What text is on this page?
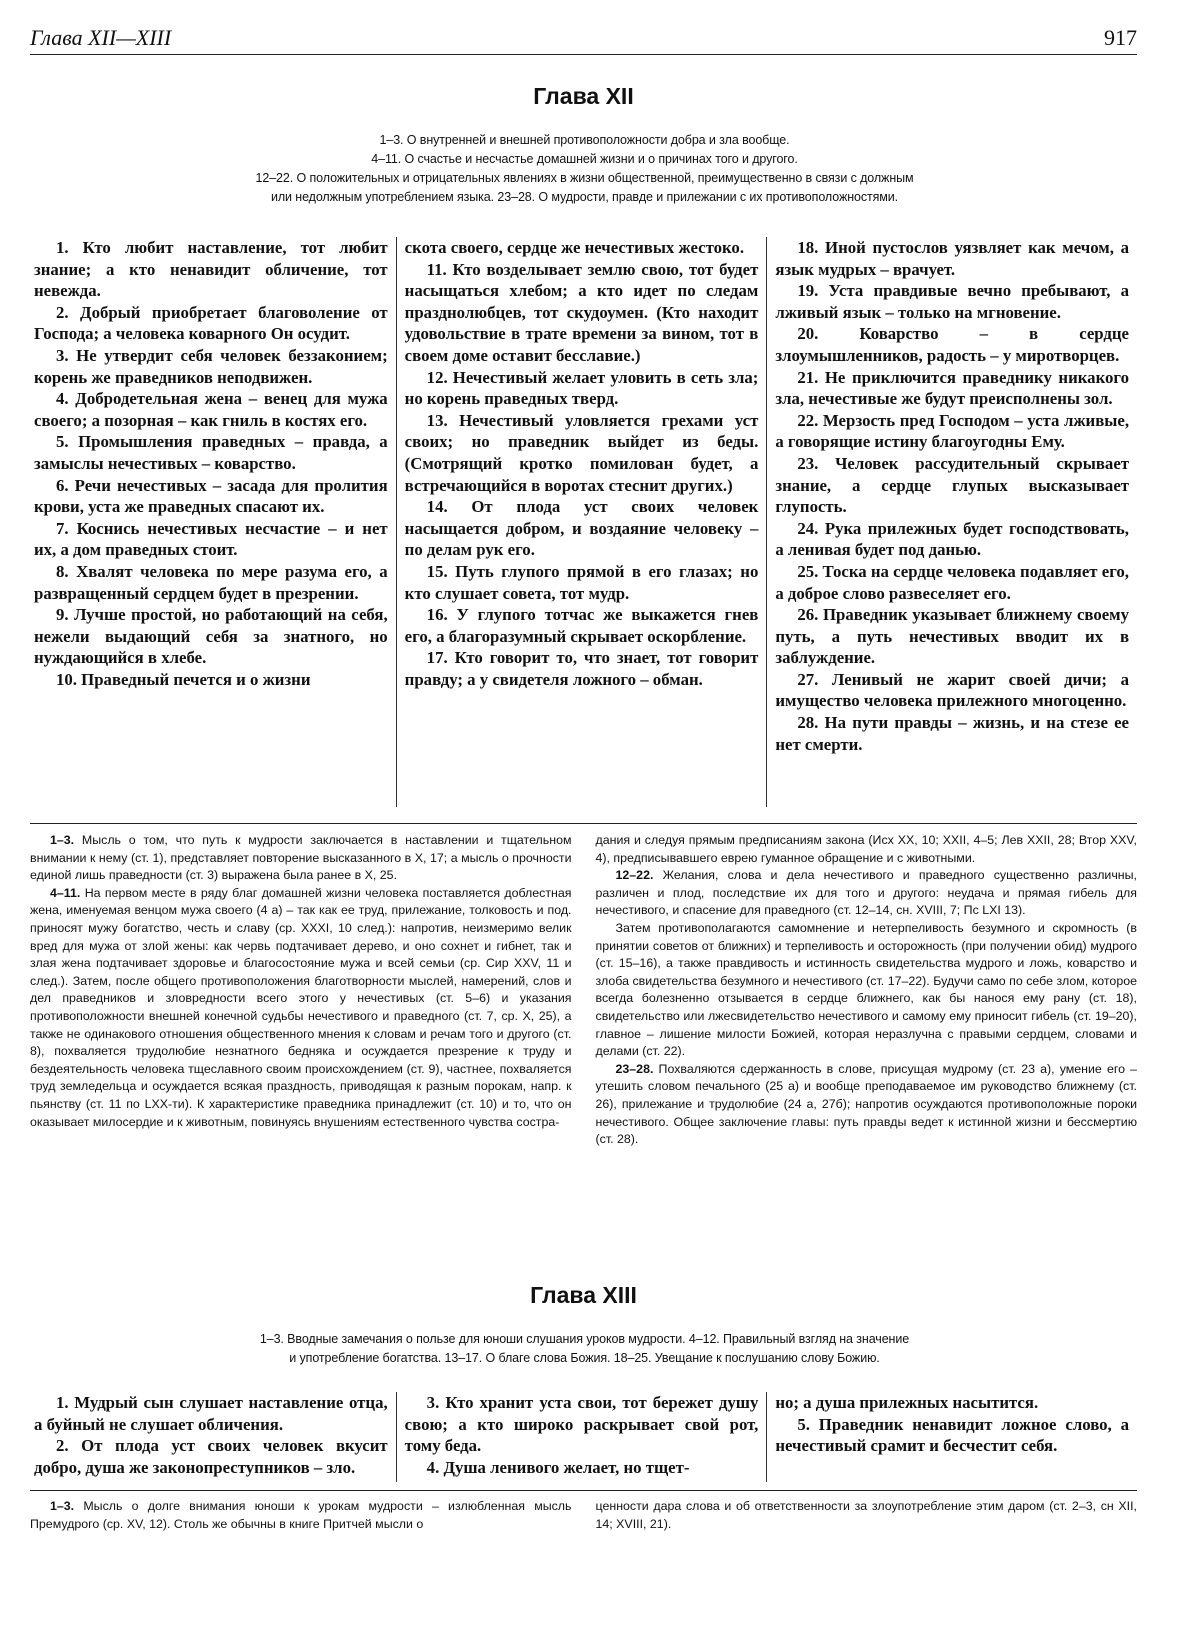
Глава XII—XIII	917
Глава XII
1–3. О внутренней и внешней противоположности добра и зла вообще.
4–11. О счастье и несчастье домашней жизни и о причинах того и другого.
12–22. О положительных и отрицательных явлениях в жизни общественной, преимущественно в связи с должным
или недолжным употреблением языка. 23–28. О мудрости, правде и прилежании с их противоположностями.

1. Кто любит наставление, тот любит знание; а кто ненавидит обличение, тот невежда.

2. Добрый приобретает благоволение от Господа; а человека коварного Он осудит.

3. Не утвердит себя человек беззаконием; корень же праведников неподвижен.

4. Добродетельная жена – венец для мужа своего; а позорная – как гниль в костях его.

5. Промышления праведных – правда, а замыслы нечестивых – коварство.

6. Речи нечестивых – засада для пролития крови, уста же праведных спасают их.

7. Коснись нечестивых несчастие – и нет их, а дом праведных стоит.

8. Хвалят человека по мере разума его, а развращенный сердцем будет в презрении.

9. Лучше простой, но работающий на себя, нежели выдающий себя за знатного, но нуждающийся в хлебе.

10. Праведный печется и о жизни

скота своего, сердце же нечестивых жестоко.

11. Кто возделывает землю свою, тот будет насыщаться хлебом; а кто идет по следам празднолюбцев, тот скудоумен. (Кто находит удовольствие в трате времени за вином, тот в своем доме оставит бесславие.)

12. Нечестивый желает уловить в сеть зла; но корень праведных тверд.

13. Нечестивый уловляется грехами уст своих; но праведник выйдет из беды. (Смотрящий кротко помилован будет, а встречающийся в воротах стеснит других.)

14. От плода уст своих человек насыщается добром, и воздаяние человеку – по делам рук его.

15. Путь глупого прямой в его глазах; но кто слушает совета, тот мудр.

16. У глупого тотчас же выкажется гнев его, а благоразумный скрывает оскорбление.

17. Кто говорит то, что знает, тот говорит правду; а у свидетеля ложного – обман.

18. Иной пустослов уязвляет как мечом, а язык мудрых – врачует.

19. Уста правдивые вечно пребывают, а лживый язык – только на мгновение.

20. Коварство – в сердце злоумышленников, радость – у миротворцев.

21. Не приключится праведнику никакого зла, нечестивые же будут преисполнены зол.

22. Мерзость пред Господом – уста лживые, а говорящие истину благоугодны Ему.

23. Человек рассудительный скрывает знание, а сердце глупых высказывает глупость.

24. Рука прилежных будет господствовать, а ленивая будет под данью.

25. Тоска на сердце человека подавляет его, а доброе слово развеселяет его.

26. Праведник указывает ближнему своему путь, а путь нечестивых вводит их в заблуждение.

27. Ленивый не жарит своей дичи; а имущество человека прилежного многоценно.

28. На пути правды – жизнь, и на стезе ее нет смерти.

1–3. Мысль о том, что путь к мудрости заключается в наставлении и тщательном внимании к нему (ст. 1), представляет повторение высказанного в X, 17; а мысль о прочности единой лишь праведности (ст. 3) выражена была ранее в X, 25.

4–11. На первом месте в ряду благ домашней жизни человека поставляется доблестная жена, именуемая венцом мужа своего (4 а) – так как ее труд, прилежание, толковость и под. приносят мужу богатство, честь и славу (ср. XXXI, 10 след.): напротив, неизмеримо велик вред для мужа от злой жены: как червь подтачивает дерево, и оно сохнет и гибнет, так и злая жена подтачивает здоровье и благосостояние мужа и всей семьи (ср. Сир XXV, 11 и след.). Затем, после общего противоположения благотворности мыслей, намерений, слов и дел праведников и зловредности всего этого у нечестивых (ст. 5–6) и указания противоположности внешней конечной судьбы нечестивого и праведного (ст. 7, ср. X, 25), а также не одинакового отношения общественного мнения к словам и речам того и другого (ст. 8), похваляется трудолюбие незнатного бедняка и осуждается презрение к труду и бездеятельность человека тщеславного своим происхождением (ст. 9), частнее, похваляется труд земледельца и осуждается всякая праздность, приводящая к разным порокам, напр. к пьянству (ст. 11 по LXX-ти). К характеристике праведника принадлежит (ст. 10) и то, что он оказывает милосердие и к животным, повинуясь внушениям естественного чувства сострa-

дания и следуя прямым предписаниям закона (Исх XX, 10; XXII, 4–5; Лев XXII, 28; Втор XXV, 4), предписывавшего еврею гуманное обращение и с животными.

12–22. Желания, слова и дела нечестивого и праведного существенно различны, различен и плод, последствие их для того и другого: неудача и прямая гибель для нечестивого, и спасение для праведного (ст. 12–14, сн. XVIII, 7; Пс LXI 13).

Затем противополагаются самомнение и нетерпеливость безумного и скромность (в принятии советов от ближних) и терпеливость и осторожность (при получении обид) мудрого (ст. 15–16), а также правдивость и истинность свидетельства мудрого и ложь, коварство и злоба свидетельства безумного и нечестивого (ст. 17–22). Будучи само по себе злом, которое всегда болезненно отзывается в сердце ближнего, как бы нанося ему рану (ст. 18), свидетельство или лжесвидетельство нечестивого и самому ему приносит гибель (ст. 19–20), главное – лишение милости Божией, которая неразлучна с правыми сердцем, словами и делами (ст. 22).

23–28. Похваляются сдержанность в слове, присущая мудрому (ст. 23 а), умение его – утешить словом печального (25 а) и вообще преподаваемое им руководство ближнему (ст. 26), прилежание и трудолюбие (24 а, 27б); напротив осуждаются противоположные пороки нечестивого. Общее заключение главы: путь правды ведет к истинной жизни и бессмертию (ст. 28).

Глава XIII
1–3. Вводные замечания о пользе для юноши слушания уроков мудрости. 4–12. Правильный взгляд на значение
и употребление богатства. 13–17. О благе слова Божия. 18–25. Увещание к послушанию слову Божию.

1. Мудрый сын слушает наставление отца, а буйный не слушает обличения.

2. От плода уст своих человек вкусит добро, душа же законопреступников – зло.

3. Кто хранит уста свои, тот бережет душу свою; а кто широко раскрывает свой рот, тому беда.

4. Душа ленивого желает, но тщет-

но; а душа прилежных насытится.

5. Праведник ненавидит ложное слово, а нечестивый срамит и бесчестит себя.

1–3. Мысль о долге внимания юноши к урокам мудрости – излюбленная мысль Премудрого (ср. XV, 12). Столь же обычны в книге Притчей мысли о

ценности дара слова и об ответственности за злоупотребление этим даром (ст. 2–3, сн XII, 14; XVIII, 21).
